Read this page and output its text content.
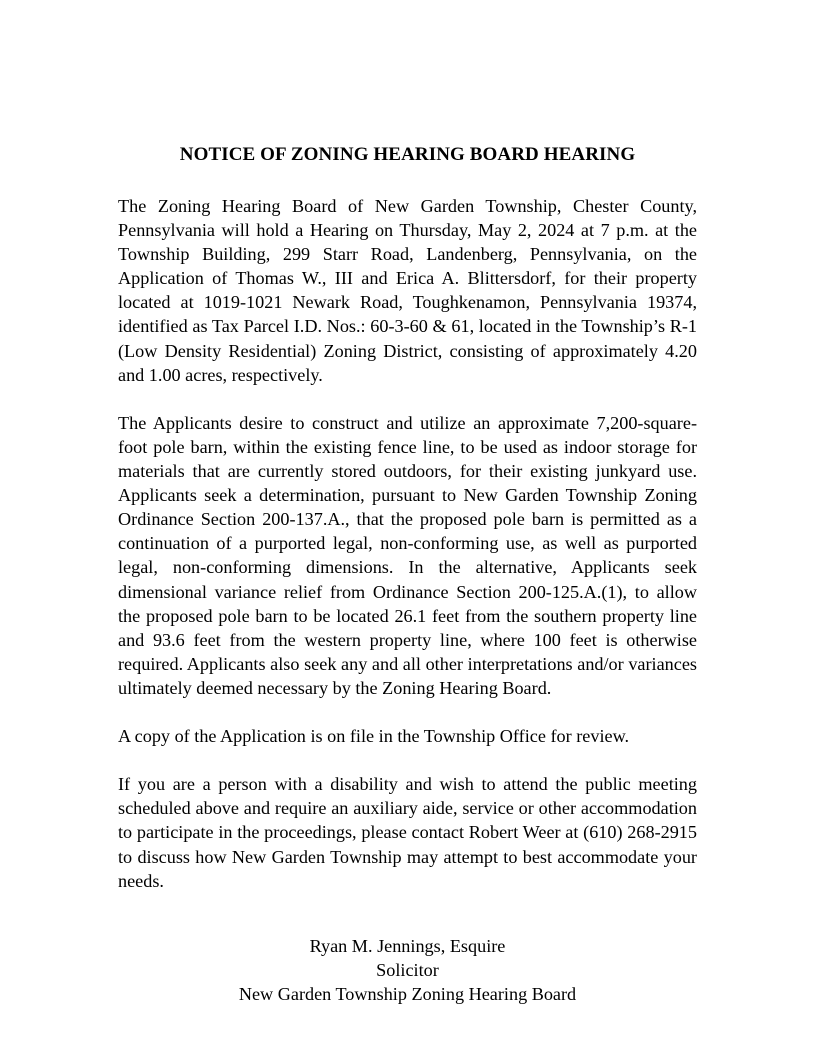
NOTICE OF ZONING HEARING BOARD HEARING

The Zoning Hearing Board of New Garden Township, Chester County, Pennsylvania will hold a Hearing on Thursday, May 2, 2024 at 7 p.m. at the Township Building, 299 Starr Road, Landenberg, Pennsylvania, on the Application of Thomas W., III and Erica A. Blittersdorf, for their property located at 1019-1021 Newark Road, Toughkenamon, Pennsylvania 19374, identified as Tax Parcel I.D. Nos.: 60-3-60 & 61, located in the Township’s R-1 (Low Density Residential) Zoning District, consisting of approximately 4.20 and 1.00 acres, respectively.

The Applicants desire to construct and utilize an approximate 7,200-square-foot pole barn, within the existing fence line, to be used as indoor storage for materials that are currently stored outdoors, for their existing junkyard use. Applicants seek a determination, pursuant to New Garden Township Zoning Ordinance Section 200-137.A., that the proposed pole barn is permitted as a continuation of a purported legal, non-conforming use, as well as purported legal, non-conforming dimensions. In the alternative, Applicants seek dimensional variance relief from Ordinance Section 200-125.A.(1), to allow the proposed pole barn to be located 26.1 feet from the southern property line and 93.6 feet from the western property line, where 100 feet is otherwise required. Applicants also seek any and all other interpretations and/or variances ultimately deemed necessary by the Zoning Hearing Board.

A copy of the Application is on file in the Township Office for review.

If you are a person with a disability and wish to attend the public meeting scheduled above and require an auxiliary aide, service or other accommodation to participate in the proceedings, please contact Robert Weer at (610) 268-2915 to discuss how New Garden Township may attempt to best accommodate your needs.

Ryan M. Jennings, Esquire
Solicitor
New Garden Township Zoning Hearing Board
